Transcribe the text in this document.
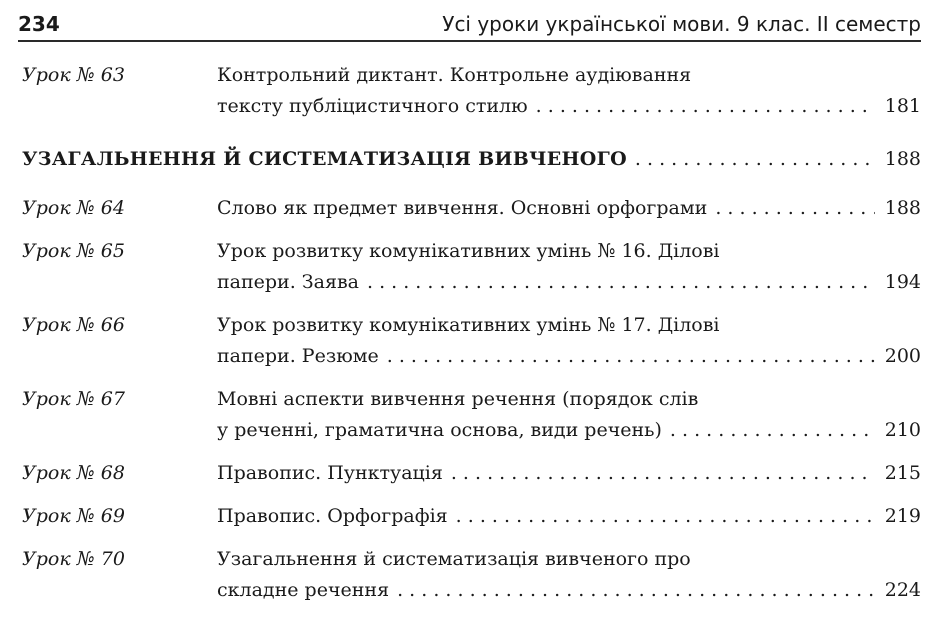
234	Усі уроки української мови. 9 клас. ІІ семестр
Урок № 63	Контрольний диктант. Контрольне аудіювання
тексту публіцистичного стилю . . .	181
УЗАГАЛЬНЕННЯ Й СИСТЕМАТИЗАЦІЯ ВИВЧЕНОГО . . .	188
Урок № 64	Слово як предмет вивчення. Основні орфограми . . .	188
Урок № 65	Урок розвитку комунікативних умінь № 16. Ділові
папери. Заява . . .	194
Урок № 66	Урок розвитку комунікативних умінь № 17. Ділові
папери. Резюме . . .	200
Урок № 67	Мовні аспекти вивчення речення (порядок слів
у реченні, граматична основа, види речень) . . .	210
Урок № 68	Правопис. Пунктуація . . .	215
Урок № 69	Правопис. Орфографія . . .	219
Урок № 70	Узагальнення й систематизація вивченого про
складне речення . . .	224
